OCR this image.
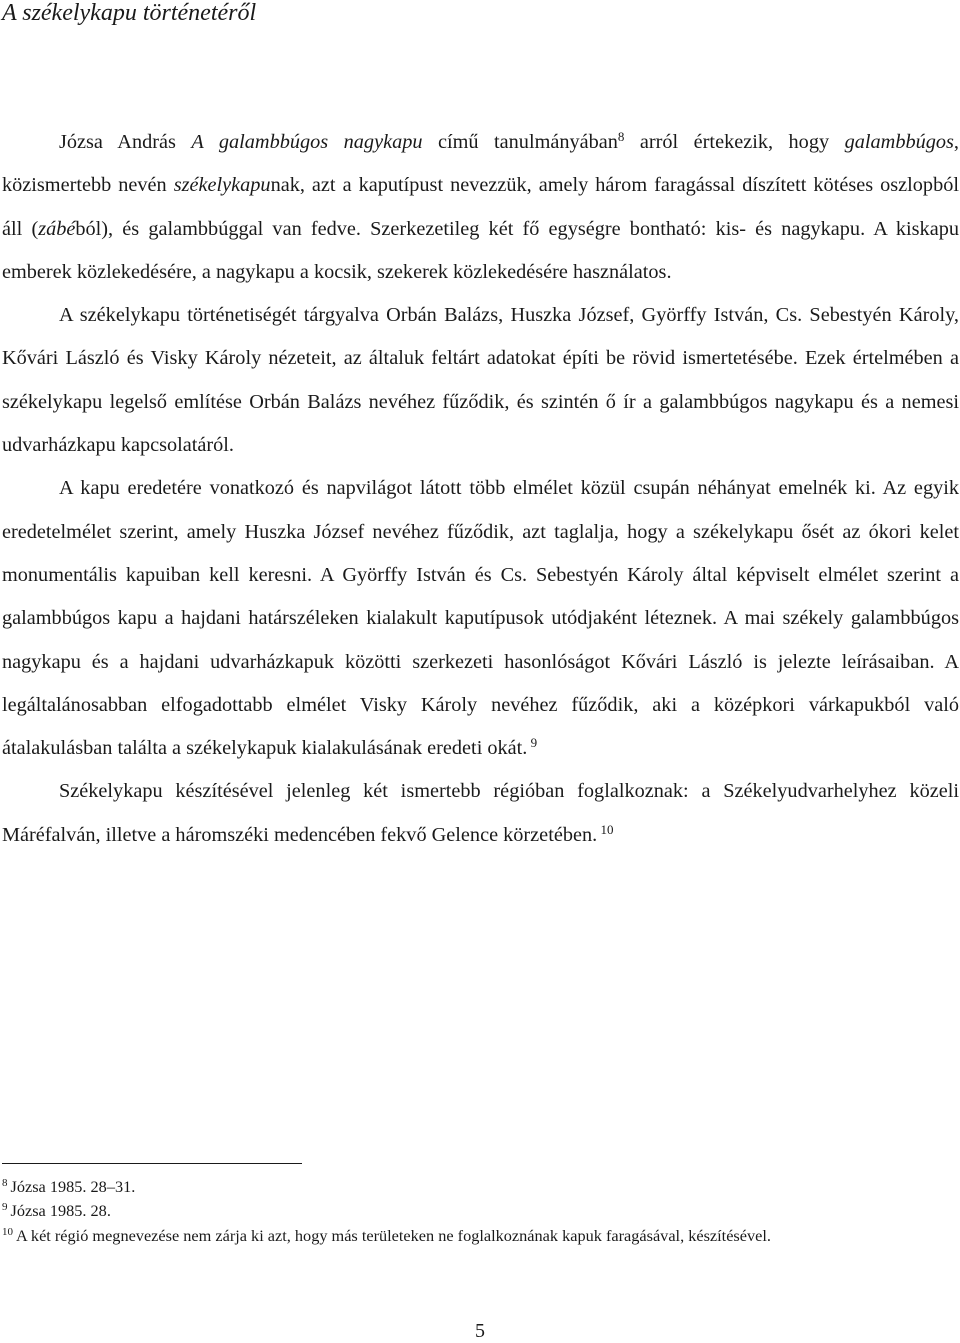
A székelykapu történetéről

Józsa András A galambbúgos nagykapu című tanulmányában$^8$ arról értekezik, hogy galambbúgos, közismertebb nevén székelykapunak, azt a kaputípust nevezzük, amely három faragással díszített kötéses oszlopból áll (zábéból), és galambbúggal van fedve. Szerkezetileg két fő egységre bontható: kis- és nagykapu. A kiskapu emberek közlekedésére, a nagykapu a kocsik, szekerek közlekedésére használatos.

A székelykapu történetiségét tárgyalva Orbán Balázs, Huszka József, Györffy István, Cs. Sebestyén Károly, Kővári László és Visky Károly nézeteit, az általuk feltárt adatokat építi be rövid ismertetésébe. Ezek értelmében a székelykapu legelső említése Orbán Balázs nevéhez fűződik, és szintén ő ír a galambbúgos nagykapu és a nemesi udvarházkapu kapcsolatáról.

A kapu eredetére vonatkozó és napvilágot látott több elmélet közül csupán néhányat emelnék ki. Az egyik eredetelmélet szerint, amely Huszka József nevéhez fűződik, azt taglalja, hogy a székelykapu ősét az ókori kelet monumentális kapuiban kell keresni. A Györffy István és Cs. Sebestyén Károly által képviselt elmélet szerint a galambbúgos kapu a hajdani határszéleken kialakult kaputípusok utódjaként léteznek. A mai székely galambbúgos nagykapu és a hajdani udvarházkapuk közötti szerkezeti hasonlóságot Kővári László is jelezte leírásaiban. A legáltalánosabban elfogadottabb elmélet Visky Károly nevéhez fűződik, aki a középkori várkapukból való átalakulásban találta a székelykapuk kialakulásának eredeti okát. $^9$

Székelykapu készítésével jelenleg két ismertebb régióban foglalkoznak: a Székelyudvarhelyhez közeli Máréfalván, illetve a háromszéki medencében fekvő Gelence körzetében. $^{10}$

$^8$ Józsa 1985. 28–31.

$^9$ Józsa 1985. 28.

$^{10}$ A két régió megnevezése nem zárja ki azt, hogy más területeken ne foglalkoznának kapuk faragásával, készítésével.

5
